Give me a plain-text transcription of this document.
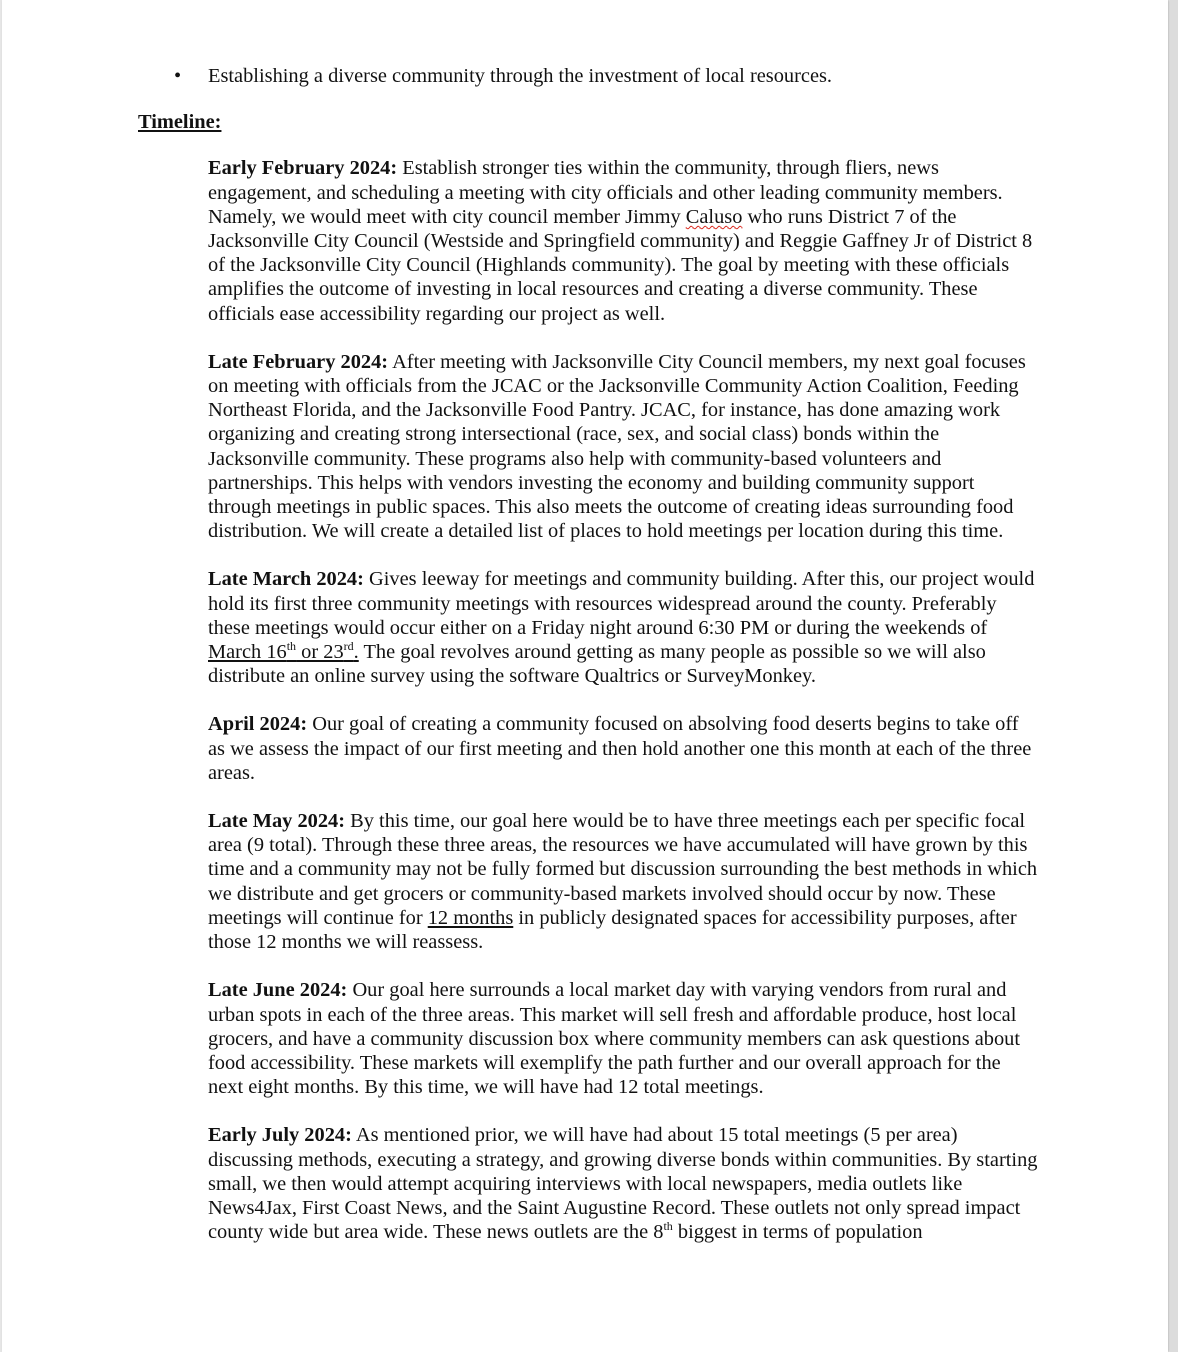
• Establishing a diverse community through the investment of local resources.
Timeline:

Early February 2024: Establish stronger ties within the community, through fliers, news engagement, and scheduling a meeting with city officials and other leading community members. Namely, we would meet with city council member Jimmy Caluso who runs District 7 of the Jacksonville City Council (Westside and Springfield community) and Reggie Gaffney Jr of District 8 of the Jacksonville City Council (Highlands community). The goal by meeting with these officials amplifies the outcome of investing in local resources and creating a diverse community. These officials ease accessibility regarding our project as well.

Late February 2024: After meeting with Jacksonville City Council members, my next goal focuses on meeting with officials from the JCAC or the Jacksonville Community Action Coalition, Feeding Northeast Florida, and the Jacksonville Food Pantry. JCAC, for instance, has done amazing work organizing and creating strong intersectional (race, sex, and social class) bonds within the Jacksonville community. These programs also help with community-based volunteers and partnerships. This helps with vendors investing the economy and building community support through meetings in public spaces. This also meets the outcome of creating ideas surrounding food distribution. We will create a detailed list of places to hold meetings per location during this time.

Late March 2024: Gives leeway for meetings and community building. After this, our project would hold its first three community meetings with resources widespread around the county. Preferably these meetings would occur either on a Friday night around 6:30 PM or during the weekends of March 16th or 23rd. The goal revolves around getting as many people as possible so we will also distribute an online survey using the software Qualtrics or SurveyMonkey.

April 2024: Our goal of creating a community focused on absolving food deserts begins to take off as we assess the impact of our first meeting and then hold another one this month at each of the three areas.

Late May 2024: By this time, our goal here would be to have three meetings each per specific focal area (9 total). Through these three areas, the resources we have accumulated will have grown by this time and a community may not be fully formed but discussion surrounding the best methods in which we distribute and get grocers or community-based markets involved should occur by now. These meetings will continue for 12 months in publicly designated spaces for accessibility purposes, after those 12 months we will reassess.

Late June 2024: Our goal here surrounds a local market day with varying vendors from rural and urban spots in each of the three areas. This market will sell fresh and affordable produce, host local grocers, and have a community discussion box where community members can ask questions about food accessibility. These markets will exemplify the path further and our overall approach for the next eight months. By this time, we will have had 12 total meetings.

Early July 2024: As mentioned prior, we will have had about 15 total meetings (5 per area) discussing methods, executing a strategy, and growing diverse bonds within communities. By starting small, we then would attempt acquiring interviews with local newspapers, media outlets like News4Jax, First Coast News, and the Saint Augustine Record. These outlets not only spread impact county wide but area wide. These news outlets are the 8th biggest in terms of population
